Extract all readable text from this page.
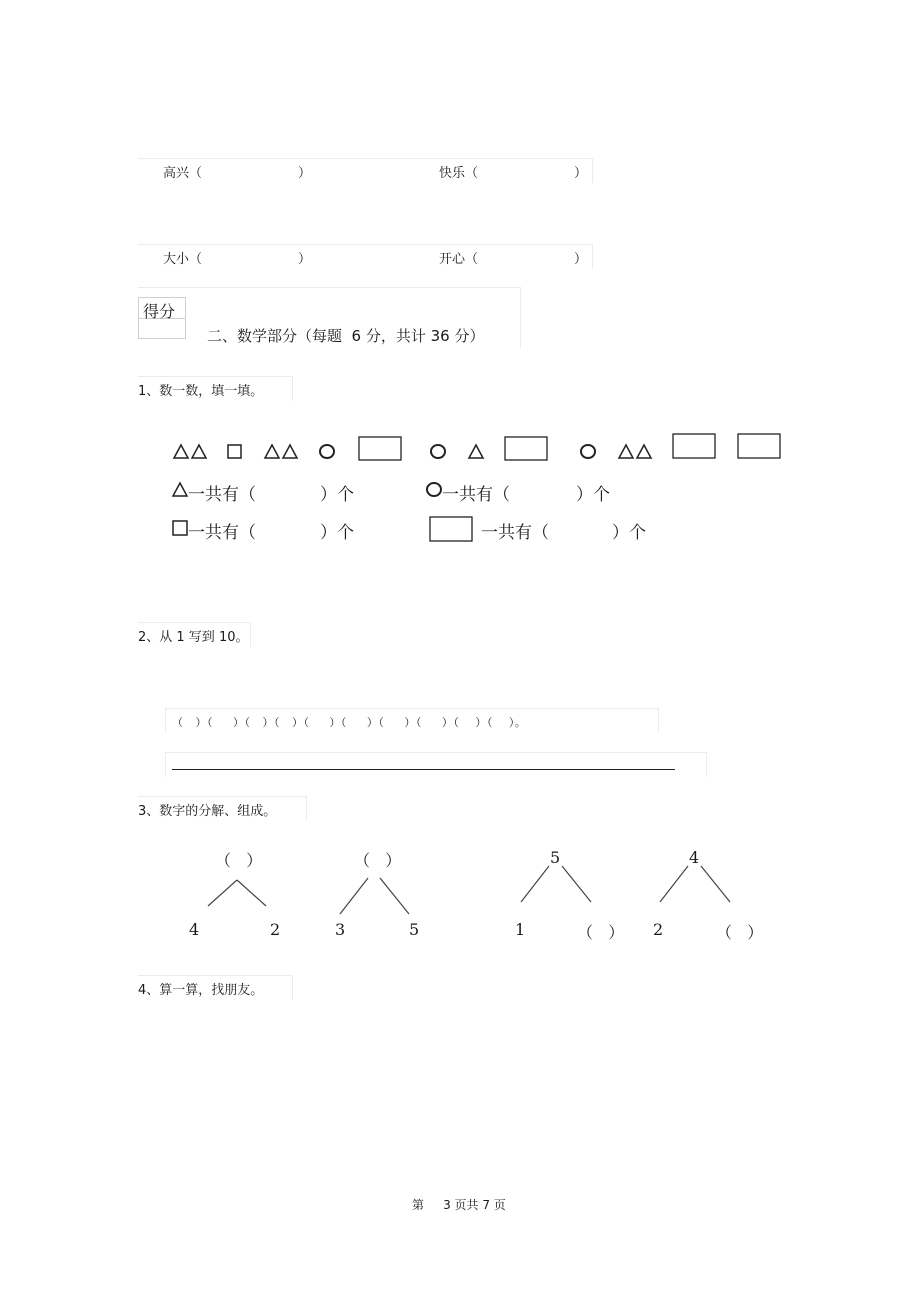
高兴（	）	快乐（	）
大小（	）	开心（	）
得分
二、数学部分（每题  6 分，共计 36 分）
1、数一数，填一填。
一共有（	）个	一共有（	）个
一共有（	）个	一共有（	）个
2、从 1 写到 10。
（   ）（     ）（   ）（   ）（     ）（     ）（     ）（     ）（    ）（    ）。
3、数字的分解、组成。
（   ）
4	2
（   ）
3	5
5
1	（   ）
4
2	（   ）
4、算一算，找朋友。
第     3 页共 7 页
